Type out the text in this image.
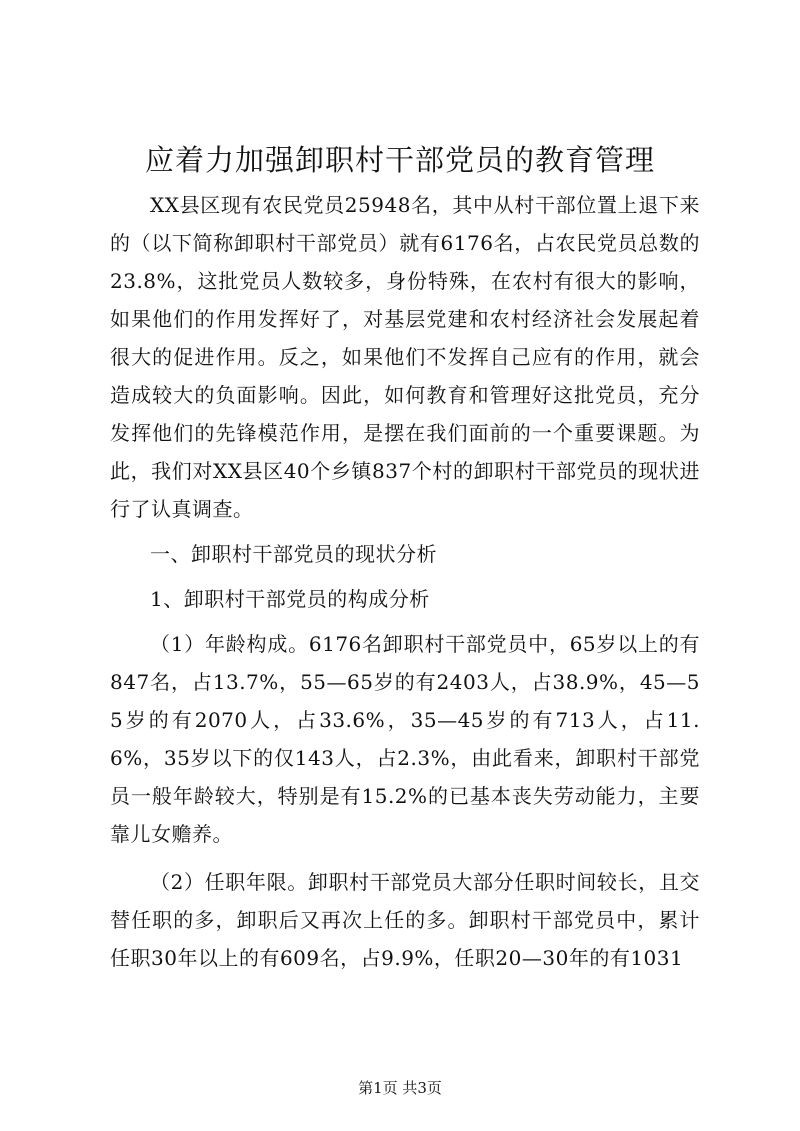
应着力加强卸职村干部党员的教育管理

XX县区现有农民党员25948名，其中从村干部位置上退下来的（以下简称卸职村干部党员）就有6176名，占农民党员总数的23.8%，这批党员人数较多，身份特殊，在农村有很大的影响，如果他们的作用发挥好了，对基层党建和农村经济社会发展起着很大的促进作用。反之，如果他们不发挥自己应有的作用，就会造成较大的负面影响。因此，如何教育和管理好这批党员，充分发挥他们的先锋模范作用，是摆在我们面前的一个重要课题。为此，我们对XX县区40个乡镇837个村的卸职村干部党员的现状进行了认真调查。

一、卸职村干部党员的现状分析

1、卸职村干部党员的构成分析

（1）年龄构成。6176名卸职村干部党员中，65岁以上的有847名，占13.7%，55—65岁的有2403人，占38.9%，45—55岁的有2070人，占33.6%，35—45岁的有713人，占11.6%，35岁以下的仅143人，占2.3%，由此看来，卸职村干部党员一般年龄较大，特别是有15.2%的已基本丧失劳动能力，主要靠儿女赡养。

（2）任职年限。卸职村干部党员大部分任职时间较长，且交替任职的多，卸职后又再次上任的多。卸职村干部党员中，累计任职30年以上的有609名，占9.9%，任职20—30年的有1031

第1页 共3页
